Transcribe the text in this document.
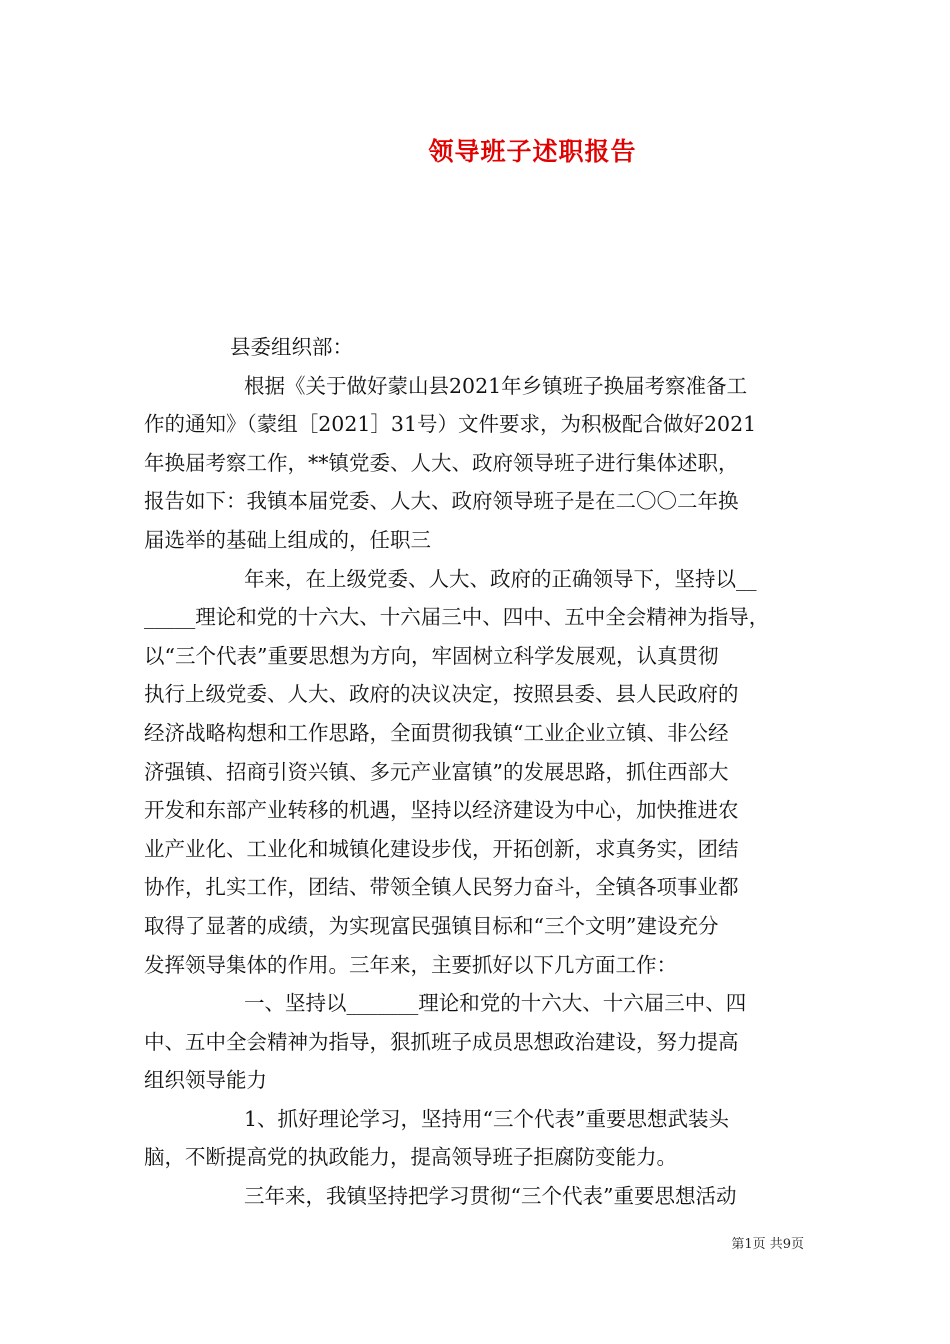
领导班子述职报告
县委组织部：
根据《关于做好蒙山县2021年乡镇班子换届考察准备工
作的通知》（蒙组［2021］31号）文件要求，为积极配合做好2021
年换届考察工作，**镇党委、人大、政府领导班子进行集体述职，
报告如下：我镇本届党委、人大、政府领导班子是在二〇〇二年换
届选举的基础上组成的，任职三
年来，在上级党委、人大、政府的正确领导下，坚持以__
_____理论和党的十六大、十六届三中、四中、五中全会精神为指导，
以“三个代表”重要思想为方向，牢固树立科学发展观，认真贯彻
执行上级党委、人大、政府的决议决定，按照县委、县人民政府的
经济战略构想和工作思路，全面贯彻我镇“工业企业立镇、非公经
济强镇、招商引资兴镇、多元产业富镇”的发展思路，抓住西部大
开发和东部产业转移的机遇，坚持以经济建设为中心，加快推进农
业产业化、工业化和城镇化建设步伐，开拓创新，求真务实，团结
协作，扎实工作，团结、带领全镇人民努力奋斗，全镇各项事业都
取得了显著的成绩，为实现富民强镇目标和“三个文明”建设充分
发挥领导集体的作用。三年来，主要抓好以下几方面工作：
一、坚持以_______理论和党的十六大、十六届三中、四
中、五中全会精神为指导，狠抓班子成员思想政治建设，努力提高
组织领导能力
1、抓好理论学习，坚持用“三个代表”重要思想武装头
脑，不断提高党的执政能力，提高领导班子拒腐防变能力。
三年来，我镇坚持把学习贯彻“三个代表”重要思想活动
第1页 共9页
